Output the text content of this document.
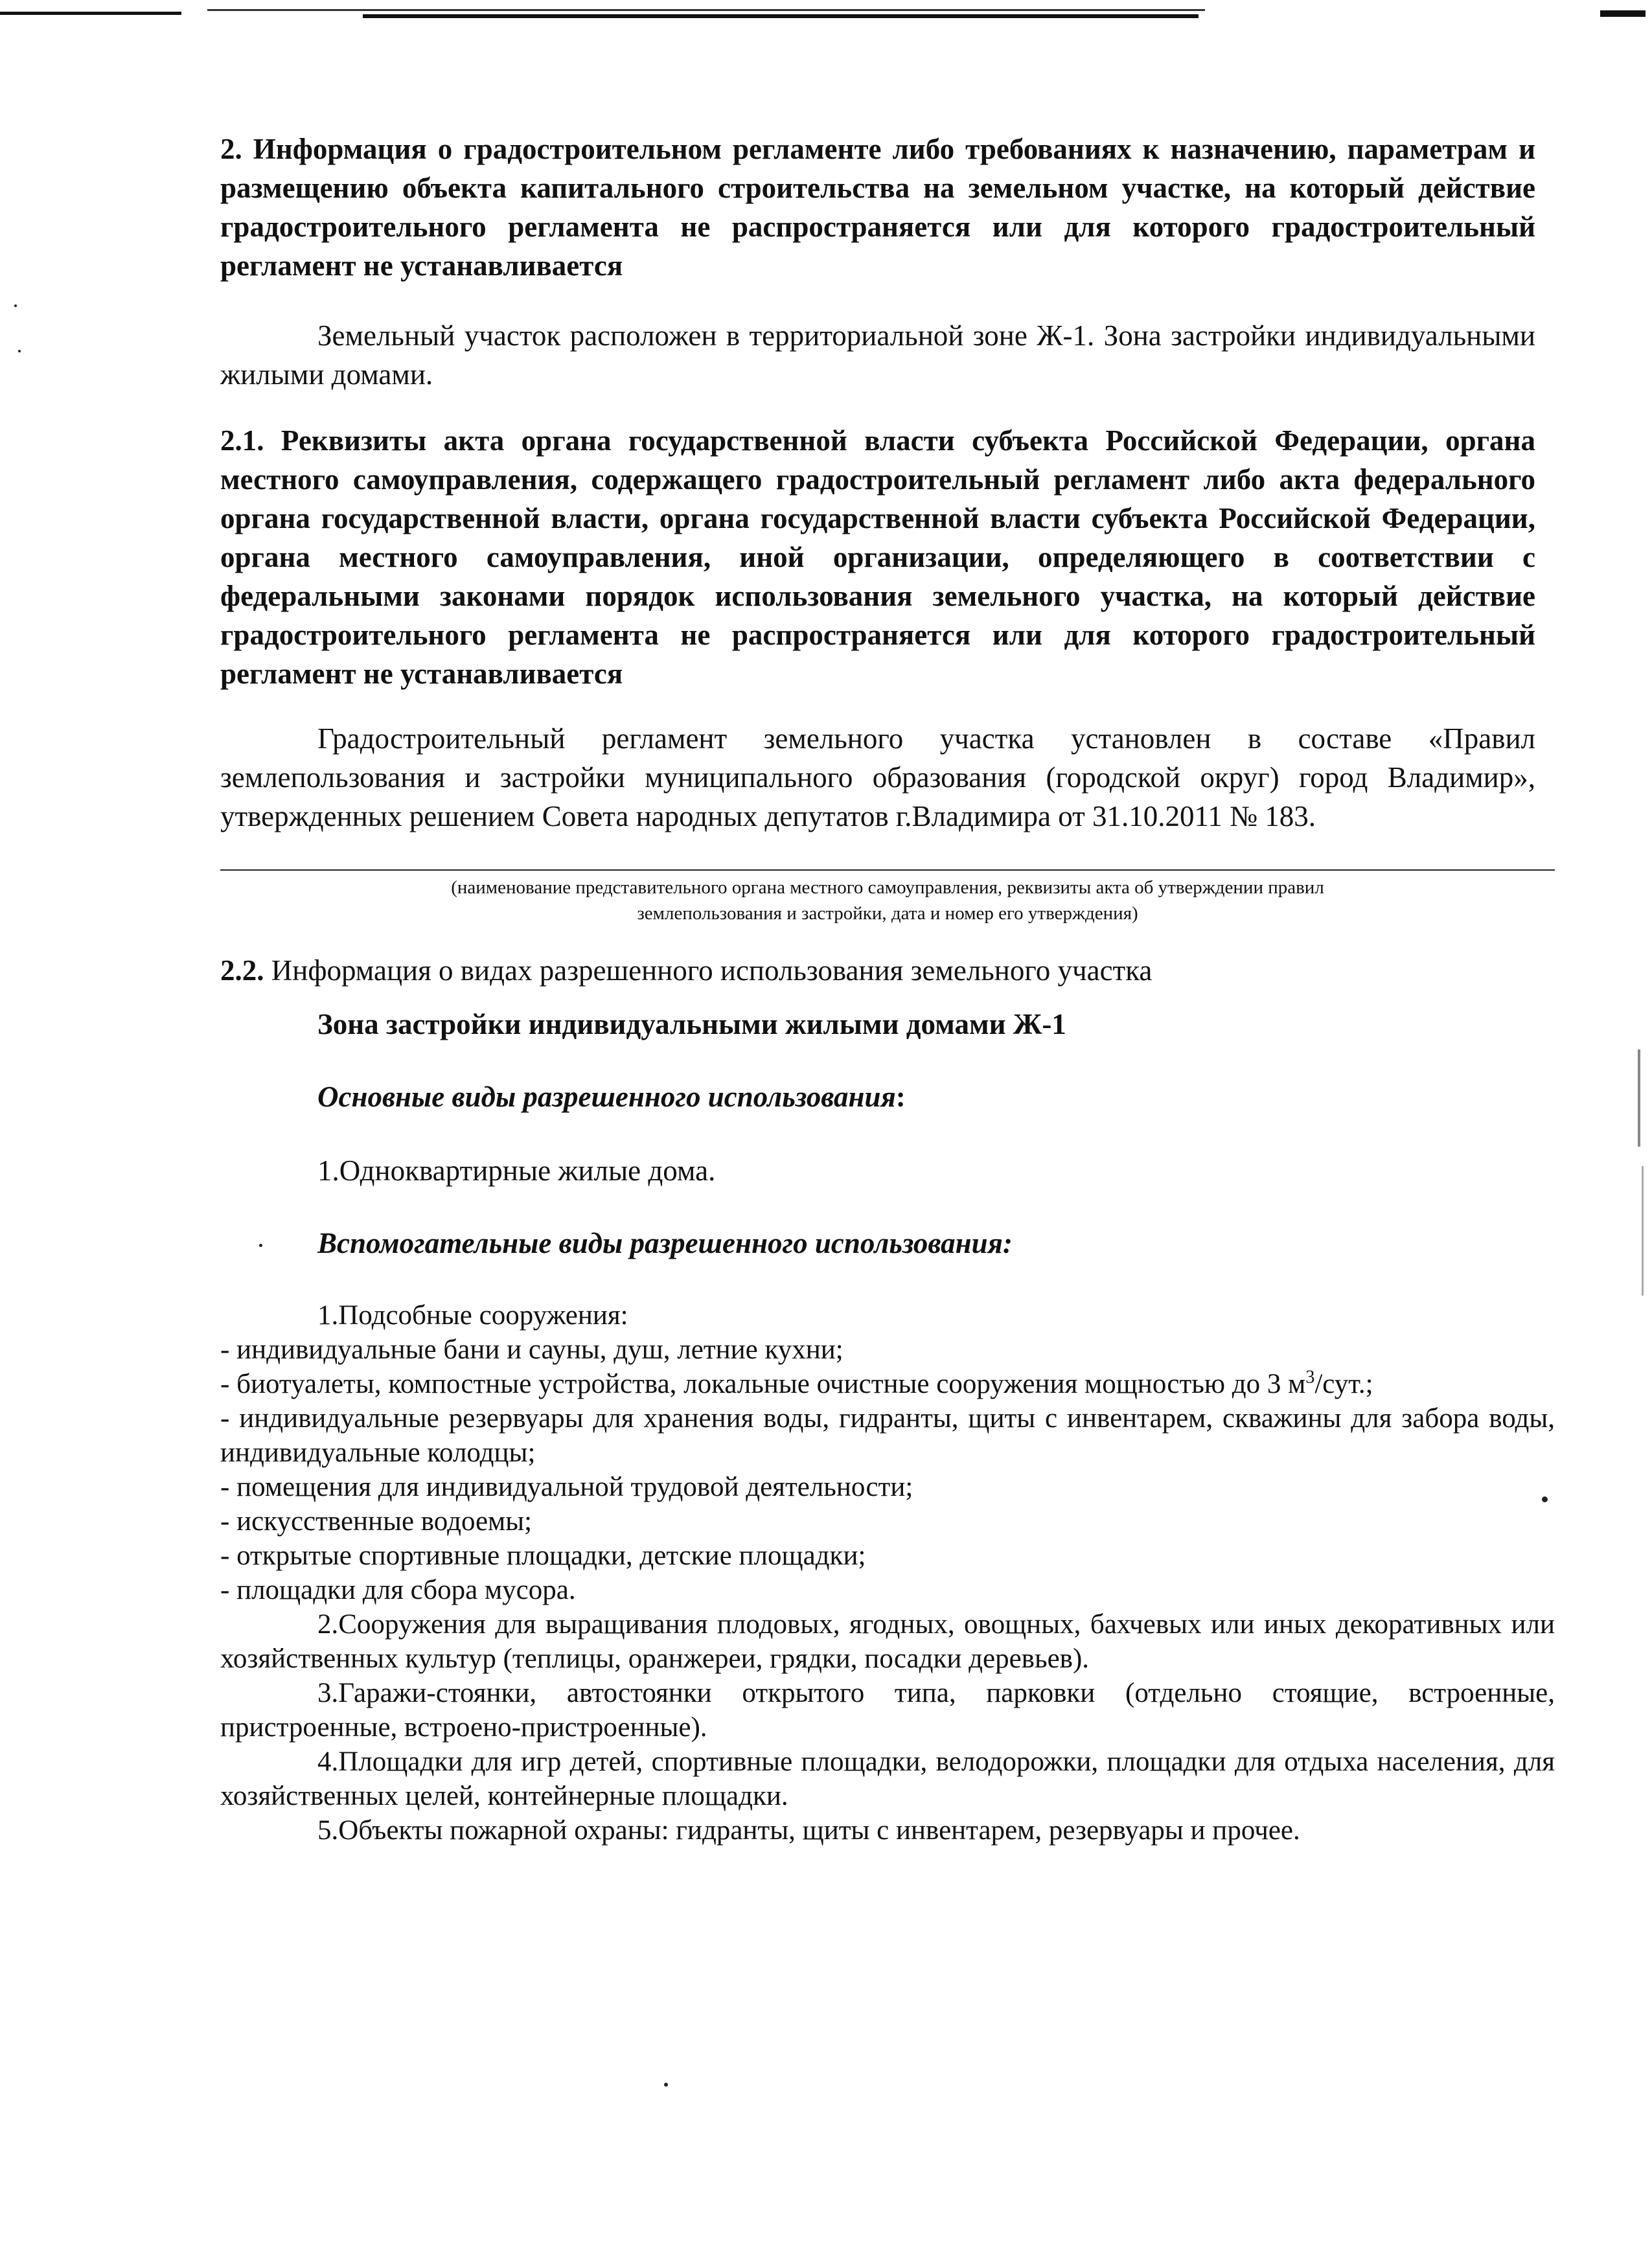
2. Информация о градостроительном регламенте либо требованиях к назначению, параметрам и размещению объекта капитального строительства на земельном участке, на который действие градостроительного регламента не распространяется или для которого градостроительный регламент не устанавливается
Земельный участок расположен в территориальной зоне Ж-1. Зона застройки индивидуальными жилыми домами.
2.1. Реквизиты акта органа государственной власти субъекта Российской Федерации, органа местного самоуправления, содержащего градостроительный регламент либо акта федерального органа государственной власти, органа государственной власти субъекта Российской Федерации, органа местного самоуправления, иной организации, определяющего в соответствии с федеральными законами порядок использования земельного участка, на который действие градостроительного регламента не распространяется или для которого градостроительный регламент не устанавливается
Градостроительный регламент земельного участка установлен в составе «Правил землепользования и застройки муниципального образования (городской округ) город Владимир», утвержденных решением Совета народных депутатов г.Владимира от 31.10.2011 № 183.
(наименование представительного органа местного самоуправления, реквизиты акта об утверждении правил
землепользования и застройки, дата и номер его утверждения)
2.2. Информация о видах разрешенного использования земельного участка
Зона застройки индивидуальными жилыми домами Ж-1
Основные виды разрешенного использования:
1.Одноквартирные жилые дома.
Вспомогательные виды разрешенного использования:
1.Подсобные сооружения:
- индивидуальные бани и сауны, душ, летние кухни;
- биотуалеты, компостные устройства, локальные очистные сооружения мощностью до 3 $м^3$/сут.;
- индивидуальные резервуары для хранения воды, гидранты, щиты с инвентарем, скважины для забора воды, индивидуальные колодцы;
- помещения для индивидуальной трудовой деятельности;
- искусственные водоемы;
- открытые спортивные площадки, детские площадки;
- площадки для сбора мусора.
2.Сооружения для выращивания плодовых, ягодных, овощных, бахчевых или иных декоративных или хозяйственных культур (теплицы, оранжереи, грядки, посадки деревьев).
3.Гаражи-стоянки, автостоянки открытого типа, парковки (отдельно стоящие, встроенные, пристроенные, встроено-пристроенные).
4.Площадки для игр детей, спортивные площадки, велодорожки, площадки для отдыха населения, для хозяйственных целей, контейнерные площадки.
5.Объекты пожарной охраны: гидранты, щиты с инвентарем, резервуары и прочее.
